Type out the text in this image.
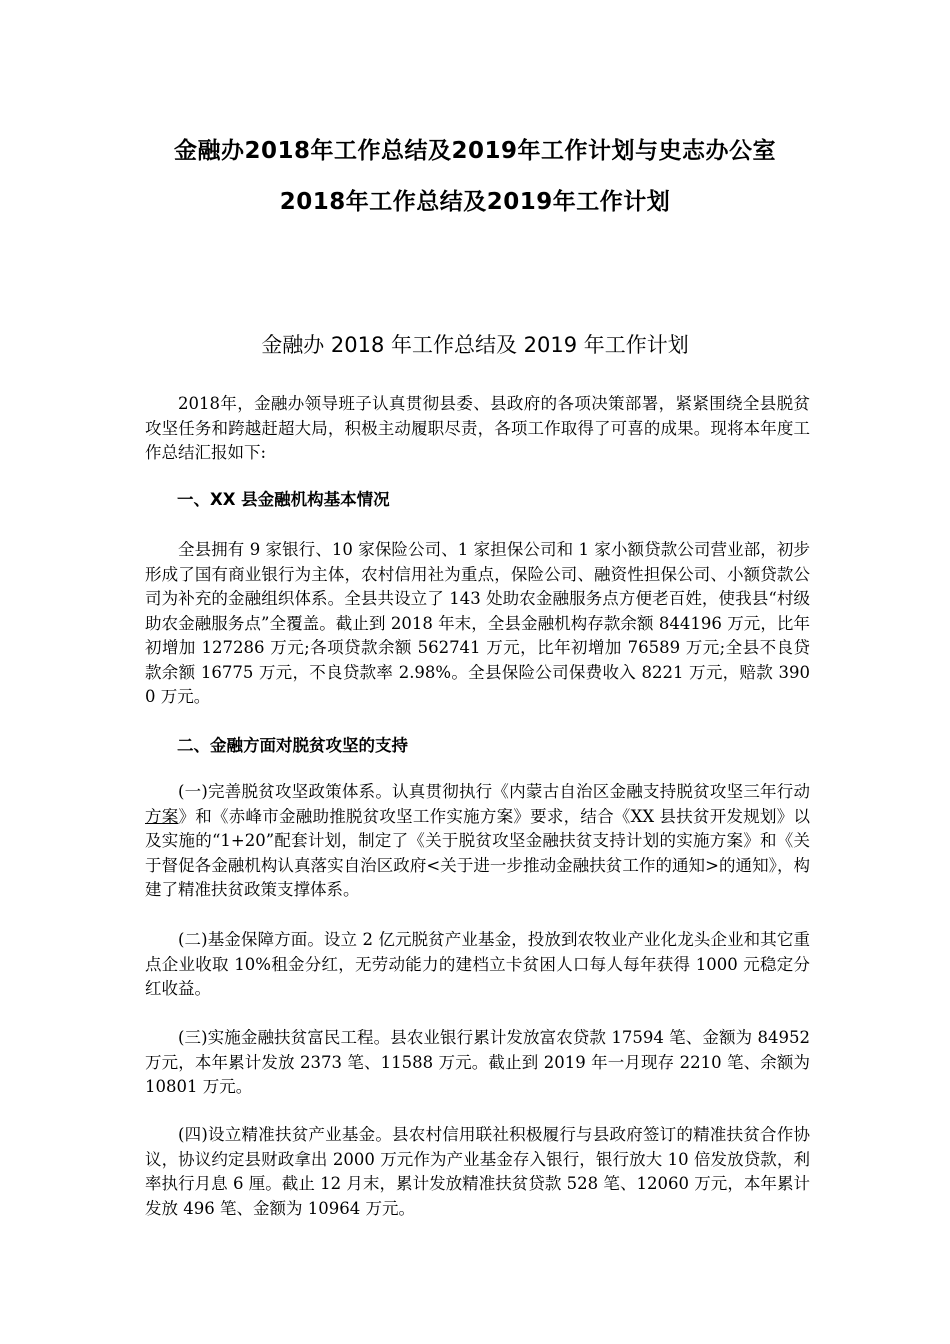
金融办2018年工作总结及2019年工作计划与史志办公室
2018年工作总结及2019年工作计划
金融办 2018 年工作总结及 2019 年工作计划

2018年，金融办领导班子认真贯彻县委、县政府的各项决策部署，紧紧围绕全县脱贫攻坚任务和跨越赶超大局，积极主动履职尽责，各项工作取得了可喜的成果。现将本年度工作总结汇报如下:

一、XX 县金融机构基本情况

全县拥有 9 家银行、10 家保险公司、1 家担保公司和 1 家小额贷款公司营业部，初步形成了国有商业银行为主体，农村信用社为重点，保险公司、融资性担保公司、小额贷款公司为补充的金融组织体系。全县共设立了 143 处助农金融服务点方便老百姓，使我县“村级助农金融服务点”全覆盖。截止到 2018 年末，全县金融机构存款余额 844196 万元，比年初增加 127286 万元;各项贷款余额 562741 万元，比年初增加 76589 万元;全县不良贷款余额 16775 万元，不良贷款率 2.98%。全县保险公司保费收入 8221 万元，赔款 3900 万元。

二、金融方面对脱贫攻坚的支持

(一)完善脱贫攻坚政策体系。认真贯彻执行《内蒙古自治区金融支持脱贫攻坚三年行动方案》和《赤峰市金融助推脱贫攻坚工作实施方案》要求，结合《XX 县扶贫开发规划》以及实施的“1+20”配套计划，制定了《关于脱贫攻坚金融扶贫支持计划的实施方案》和《关于督促各金融机构认真落实自治区政府<关于进一步推动金融扶贫工作的通知>的通知》，构建了精准扶贫政策支撑体系。

(二)基金保障方面。设立 2 亿元脱贫产业基金，投放到农牧业产业化龙头企业和其它重点企业收取 10%租金分红，无劳动能力的建档立卡贫困人口每人每年获得 1000 元稳定分红收益。

(三)实施金融扶贫富民工程。县农业银行累计发放富农贷款 17594 笔、金额为 84952 万元，本年累计发放 2373 笔、11588 万元。截止到 2019 年一月现存 2210 笔、余额为 10801 万元。

(四)设立精准扶贫产业基金。县农村信用联社积极履行与县政府签订的精准扶贫合作协议，协议约定县财政拿出 2000 万元作为产业基金存入银行，银行放大 10 倍发放贷款，利率执行月息 6 厘。截止 12 月末，累计发放精准扶贫贷款 528 笔、12060 万元，本年累计发放 496 笔、金额为 10964 万元。
